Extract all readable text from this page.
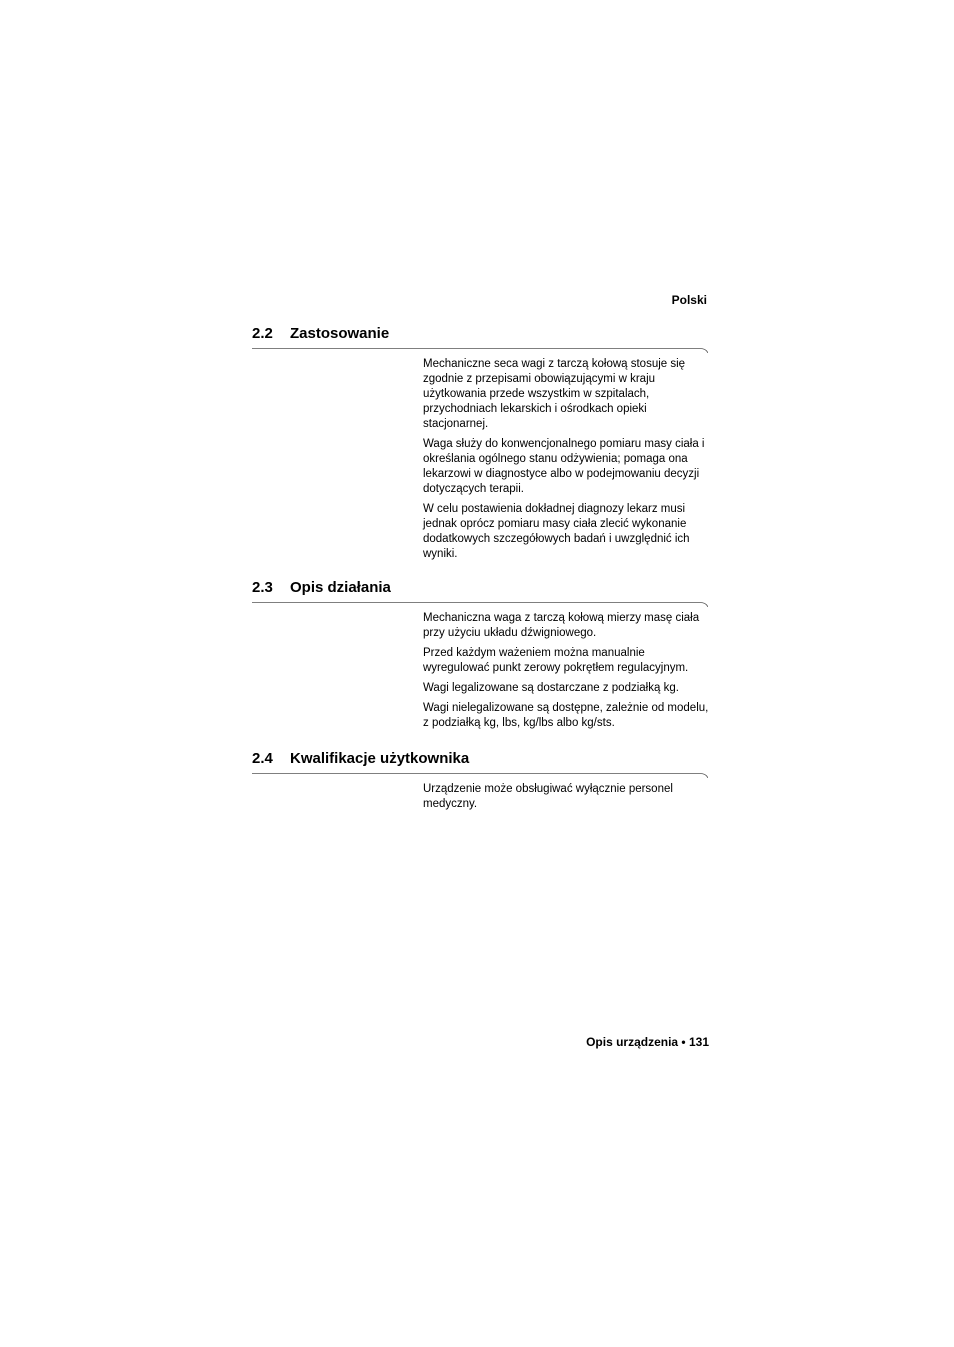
Polski
2.2	Zastosowanie

Mechaniczne seca wagi z tarczą kołową stosuje się zgodnie z przepisami obowiązującymi w kraju użytkowania przede wszystkim w szpitalach, przychodniach lekarskich i ośrodkach opieki stacjonarnej.

Waga służy do konwencjonalnego pomiaru masy ciała i określania ogólnego stanu odżywienia; pomaga ona lekarzowi w diagnostyce albo w podejmowaniu decyzji dotyczących terapii.

W celu postawienia dokładnej diagnozy lekarz musi jednak oprócz pomiaru masy ciała zlecić wykonanie dodatkowych szczegółowych badań i uwzględnić ich wyniki.

2.3	Opis działania

Mechaniczna waga z tarczą kołową mierzy masę ciała przy użyciu układu dźwigniowego.

Przed każdym ważeniem można manualnie wyregulować punkt zerowy pokrętłem regulacyjnym.

Wagi legalizowane są dostarczane z podziałką kg.

Wagi nielegalizowane są dostępne, zależnie od modelu, z podziałką kg, lbs, kg/lbs albo kg/sts.

2.4	Kwalifikacje użytkownika

Urządzenie może obsługiwać wyłącznie personel medyczny.

Opis urządzenia • 131
